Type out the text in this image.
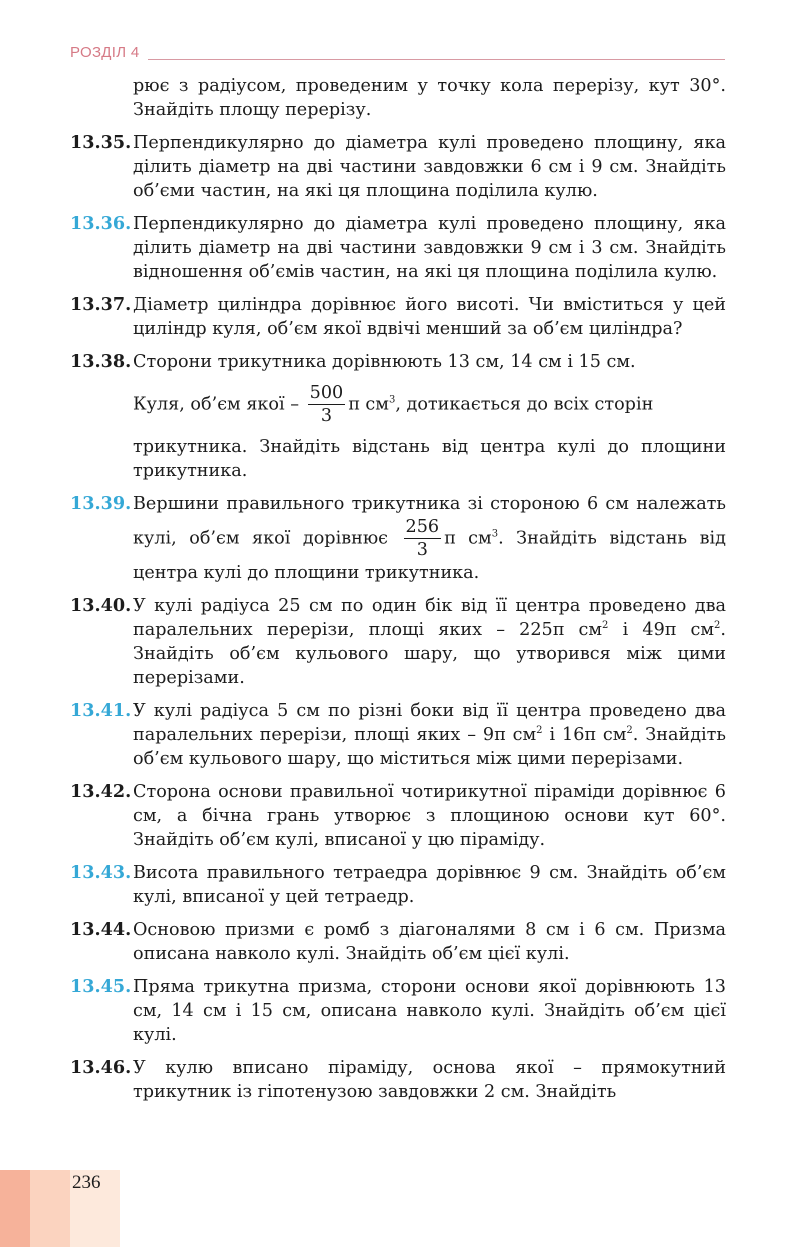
РОЗДІЛ 4
рює з радіусом, проведеним у точку кола перерізу, кут 30°. Знайдіть площу перерізу.
13.35. Перпендикулярно до діаметра кулі проведено площину, яка ділить діаметр на дві частини завдовжки 6 см і 9 см. Знайдіть об’єми частин, на які ця площина поділила кулю.
13.36. Перпендикулярно до діаметра кулі проведено площину, яка ділить діаметр на дві частини завдовжки 9 см і 3 см. Знайдіть відношення об’ємів частин, на які ця площина поділила кулю.
13.37. Діаметр циліндра дорівнює його висоті. Чи вміститься у цей циліндр куля, об’єм якої вдвічі менший за об’єм циліндра?
13.38. Сторони трикутника дорівнюють 13 см, 14 см і 15 см.
Куля, об’єм якої – $\frac{500}{3}$ π $см^3$, дотикається до всіх сторін
трикутника. Знайдіть відстань від центра кулі до площини трикутника.
13.39. Вершини правильного трикутника зі стороною 6 см належать кулі, об’єм якої дорівнює $\frac{256}{3}$ π $см^3$. Знайдіть відстань від центра кулі до площини трикутника.
13.40. У кулі радіуса 25 см по один бік від її центра проведено два паралельних перерізи, площі яких – 225π $см^2$ і 49π $см^2$. Знайдіть об’єм кульового шару, що утворився між цими перерізами.
13.41. У кулі радіуса 5 см по різні боки від її центра проведено два паралельних перерізи, площі яких – 9π $см^2$ і 16π $см^2$. Знайдіть об’єм кульового шару, що міститься між цими перерізами.
13.42. Сторона основи правильної чотирикутної піраміди дорівнює 6 см, а бічна грань утворює з площиною основи кут 60°. Знайдіть об’єм кулі, вписаної у цю піраміду.
13.43. Висота правильного тетраедра дорівнює 9 см. Знайдіть об’єм кулі, вписаної у цей тетраедр.
13.44. Основою призми є ромб з діагоналями 8 см і 6 см. Призма описана навколо кулі. Знайдіть об’єм цієї кулі.
13.45. Пряма трикутна призма, сторони основи якої дорівнюють 13 см, 14 см і 15 см, описана навколо кулі. Знайдіть об’єм цієї кулі.
13.46. У кулю вписано піраміду, основа якої – прямокутний трикутник із гіпотенузою завдовжки 2 см. Знайдіть
236
